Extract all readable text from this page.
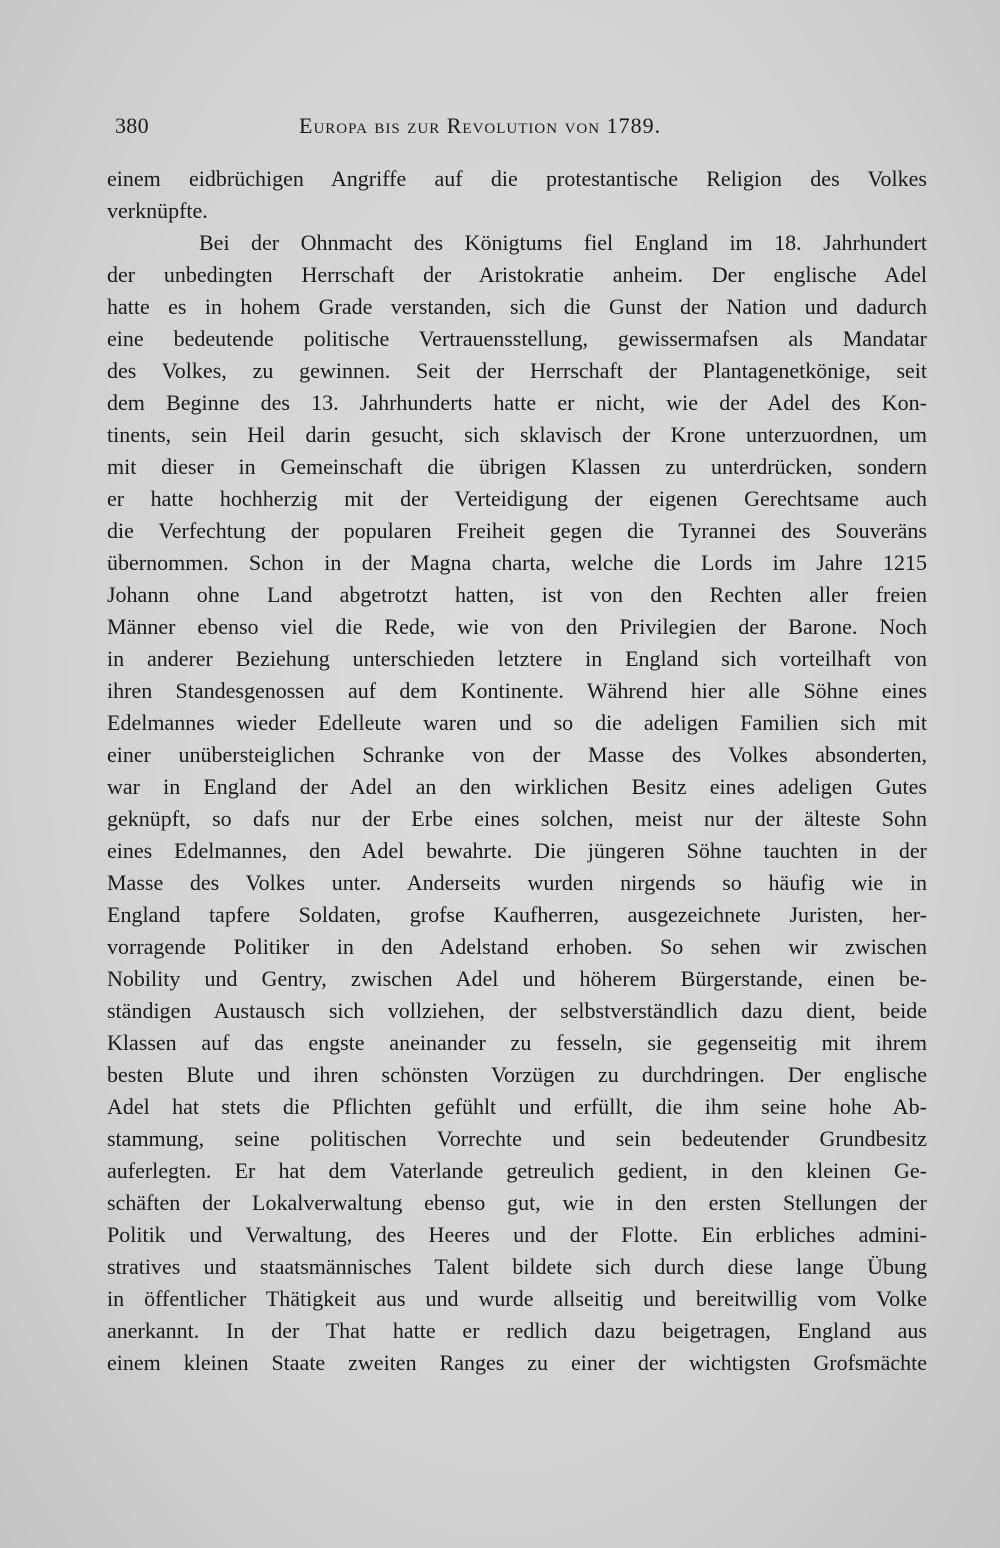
380	Europa bis zur Revolution von 1789.
einem eidbrüchigen Angriffe auf die protestantische Religion des Volkes
verknüpfte.
Bei der Ohnmacht des Königtums fiel England im 18. Jahrhundert
der unbedingten Herrschaft der Aristokratie anheim. Der englische Adel
hatte es in hohem Grade verstanden, sich die Gunst der Nation und dadurch
eine bedeutende politische Vertrauensstellung, gewissermafsen als Mandatar
des Volkes, zu gewinnen. Seit der Herrschaft der Plantagenetkönige, seit
dem Beginne des 13. Jahrhunderts hatte er nicht, wie der Adel des Kon-
tinents, sein Heil darin gesucht, sich sklavisch der Krone unterzuordnen, um
mit dieser in Gemeinschaft die übrigen Klassen zu unterdrücken, sondern
er hatte hochherzig mit der Verteidigung der eigenen Gerechtsame auch
die Verfechtung der popularen Freiheit gegen die Tyrannei des Souveräns
übernommen. Schon in der Magna charta, welche die Lords im Jahre 1215
Johann ohne Land abgetrotzt hatten, ist von den Rechten aller freien
Männer ebenso viel die Rede, wie von den Privilegien der Barone. Noch
in anderer Beziehung unterschieden letztere in England sich vorteilhaft von
ihren Standesgenossen auf dem Kontinente. Während hier alle Söhne eines
Edelmannes wieder Edelleute waren und so die adeligen Familien sich mit
einer unübersteiglichen Schranke von der Masse des Volkes absonderten,
war in England der Adel an den wirklichen Besitz eines adeligen Gutes
geknüpft, so dafs nur der Erbe eines solchen, meist nur der älteste Sohn
eines Edelmannes, den Adel bewahrte. Die jüngeren Söhne tauchten in der
Masse des Volkes unter. Anderseits wurden nirgends so häufig wie in
England tapfere Soldaten, grofse Kaufherren, ausgezeichnete Juristen, her-
vorragende Politiker in den Adelstand erhoben. So sehen wir zwischen
Nobility und Gentry, zwischen Adel und höherem Bürgerstande, einen be-
ständigen Austausch sich vollziehen, der selbstverständlich dazu dient, beide
Klassen auf das engste aneinander zu fesseln, sie gegenseitig mit ihrem
besten Blute und ihren schönsten Vorzügen zu durchdringen. Der englische
Adel hat stets die Pflichten gefühlt und erfüllt, die ihm seine hohe Ab-
stammung, seine politischen Vorrechte und sein bedeutender Grundbesitz
auferlegten. Er hat dem Vaterlande getreulich gedient, in den kleinen Ge-
schäften der Lokalverwaltung ebenso gut, wie in den ersten Stellungen der
Politik und Verwaltung, des Heeres und der Flotte. Ein erbliches admini-
stratives und staatsmännisches Talent bildete sich durch diese lange Übung
in öffentlicher Thätigkeit aus und wurde allseitig und bereitwillig vom Volke
anerkannt. In der That hatte er redlich dazu beigetragen, England aus
einem kleinen Staate zweiten Ranges zu einer der wichtigsten Grofsmächte
